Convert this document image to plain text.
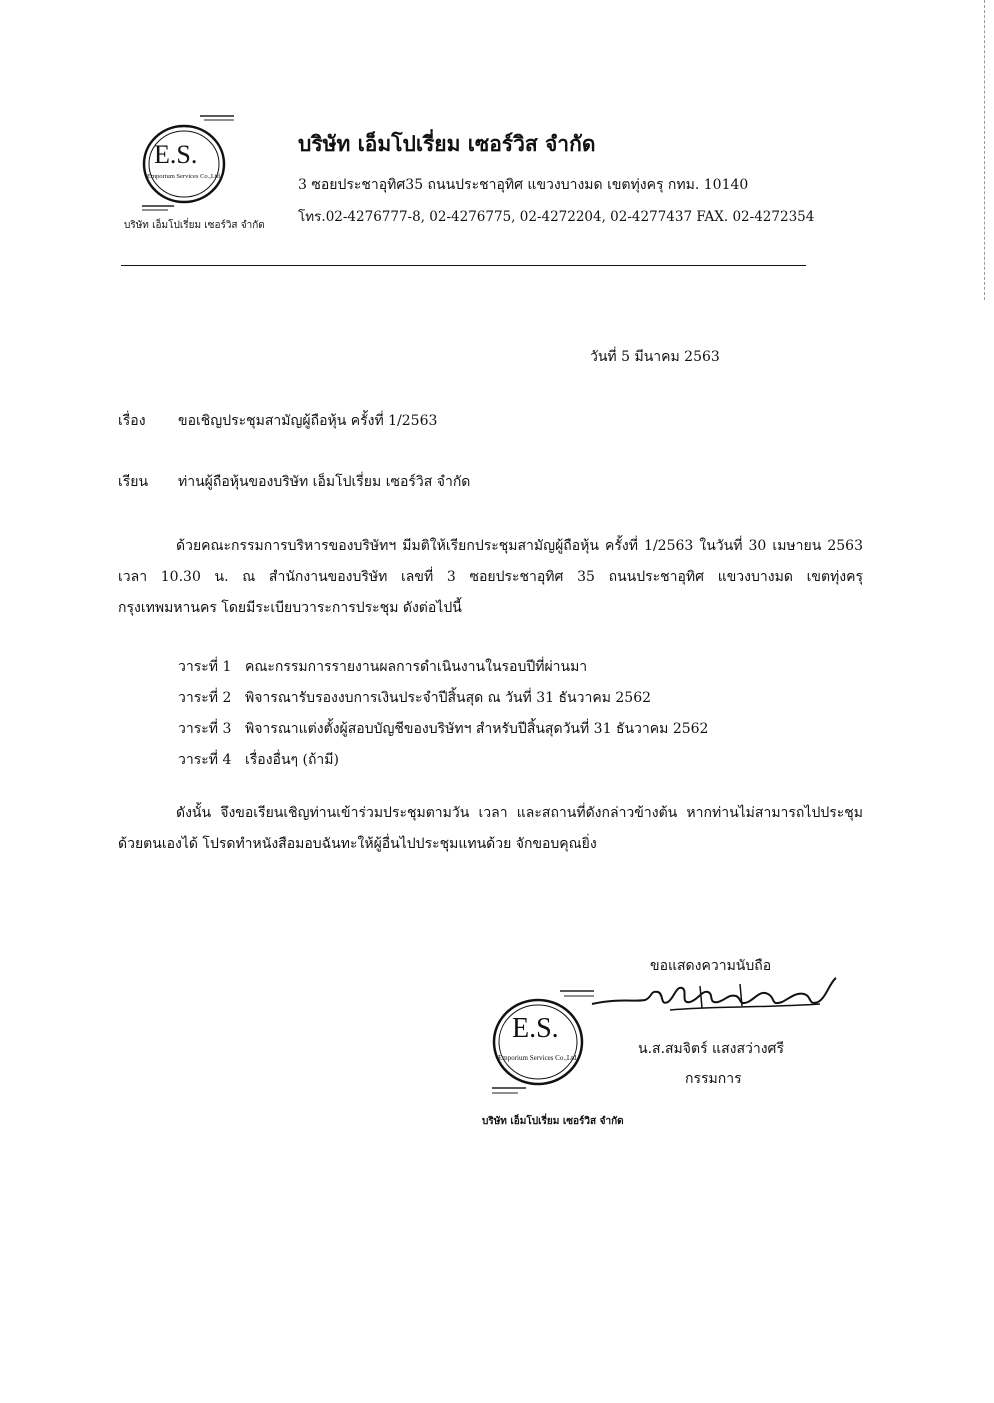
E.S.
Emporium Services Co.,Ltd.
บริษัท เอ็มโปเรี่ยม เซอร์วิส จำกัด
บริษัท เอ็มโปเรี่ยม เซอร์วิส จำกัด
3 ซอยประชาอุทิศ35 ถนนประชาอุทิศ แขวงบางมด เขตทุ่งครุ กทม. 10140
โทร.02-4276777-8, 02-4276775, 02-4272204, 02-4277437 FAX. 02-4272354
วันที่ 5 มีนาคม 2563
เรื่อง ขอเชิญประชุมสามัญผู้ถือหุ้น ครั้งที่ 1/2563
เรียน ท่านผู้ถือหุ้นของบริษัท เอ็มโปเรี่ยม เซอร์วิส จำกัด
ด้วยคณะกรรมการบริหารของบริษัทฯ มีมติให้เรียกประชุมสามัญผู้ถือหุ้น ครั้งที่ 1/2563 ในวันที่ 30 เมษายน 2563 เวลา 10.30 น. ณ สำนักงานของบริษัท เลขที่ 3 ซอยประชาอุทิศ 35 ถนนประชาอุทิศ แขวงบางมด เขตทุ่งครุ กรุงเทพมหานคร โดยมีระเบียบวาระการประชุม ดังต่อไปนี้
วาระที่ 1 คณะกรรมการรายงานผลการดำเนินงานในรอบปีที่ผ่านมา
วาระที่ 2 พิจารณารับรองงบการเงินประจำปีสิ้นสุด ณ วันที่ 31 ธันวาคม 2562
วาระที่ 3 พิจารณาแต่งตั้งผู้สอบบัญชีของบริษัทฯ สำหรับปีสิ้นสุดวันที่ 31 ธันวาคม 2562
วาระที่ 4 เรื่องอื่นๆ (ถ้ามี)
ดังนั้น จึงขอเรียนเชิญท่านเข้าร่วมประชุมตามวัน เวลา และสถานที่ดังกล่าวข้างต้น หากท่านไม่สามารถไปประชุมด้วยตนเองได้ โปรดทำหนังสือมอบฉันทะให้ผู้อื่นไปประชุมแทนด้วย จักขอบคุณยิ่ง
ขอแสดงความนับถือ
E.S.
Emporium Services Co.,Ltd.
น.ส.สมจิตร์ แสงสว่างศรี
กรรมการ
บริษัท เอ็มโปเรี่ยม เซอร์วิส จำกัด
